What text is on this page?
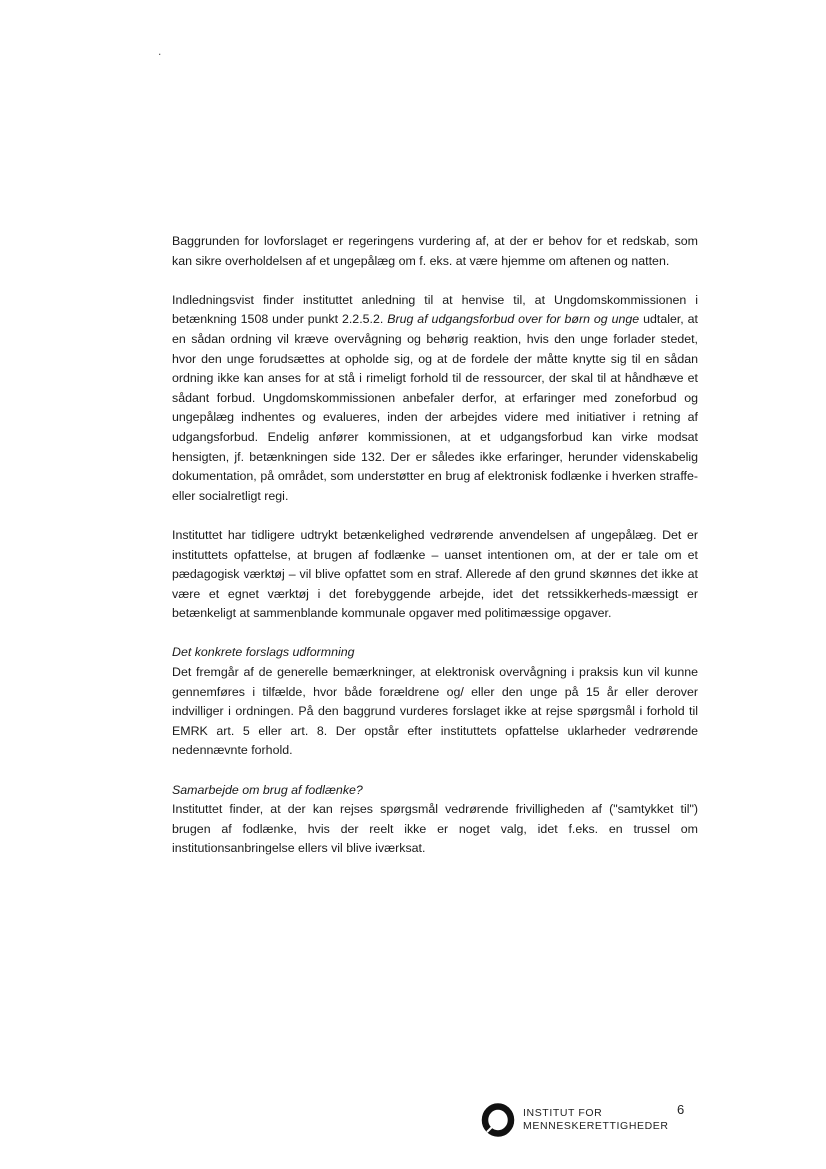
.

Baggrunden for lovforslaget er regeringens vurdering af, at der er behov for et redskab, som kan sikre overholdelsen af et ungepålæg om f. eks. at være hjemme om aftenen og natten.

Indledningsvist finder instituttet anledning til at henvise til, at Ungdomskommissionen i betænkning 1508 under punkt 2.2.5.2. Brug af udgangsforbud over for børn og unge udtaler, at en sådan ordning vil kræve overvågning og behørig reaktion, hvis den unge forlader stedet, hvor den unge forudsættes at opholde sig, og at de fordele der måtte knytte sig til en sådan ordning ikke kan anses for at stå i rimeligt forhold til de ressourcer, der skal til at håndhæve et sådant forbud. Ungdomskommissionen anbefaler derfor, at erfaringer med zoneforbud og ungepålæg indhentes og evalueres, inden der arbejdes videre med initiativer i retning af udgangsforbud. Endelig anfører kommissionen, at et udgangsforbud kan virke modsat hensigten, jf. betænkningen side 132. Der er således ikke erfaringer, herunder videnskabelig dokumentation, på området, som understøtter en brug af elektronisk fodlænke i hverken straffe- eller socialretligt regi.

Instituttet har tidligere udtrykt betænkelighed vedrørende anvendelsen af ungepålæg. Det er instituttets opfattelse, at brugen af fodlænke – uanset intentionen om, at der er tale om et pædagogisk værktøj – vil blive opfattet som en straf. Allerede af den grund skønnes det ikke at være et egnet værktøj i det forebyggende arbejde, idet det retssikkerheds-mæssigt er betænkeligt at sammenblande kommunale opgaver med politimæssige opgaver.

Det konkrete forslags udformning

Det fremgår af de generelle bemærkninger, at elektronisk overvågning i praksis kun vil kunne gennemføres i tilfælde, hvor både forældrene og/ eller den unge på 15 år eller derover indvilliger i ordningen. På den baggrund vurderes forslaget ikke at rejse spørgsmål i forhold til EMRK art. 5 eller art. 8. Der opstår efter instituttets opfattelse uklarheder vedrørende nedennævnte forhold.

Samarbejde om brug af fodlænke?

Instituttet finder, at der kan rejses spørgsmål vedrørende frivilligheden af ("samtykket til") brugen af fodlænke, hvis der reelt ikke er noget valg, idet f.eks. en trussel om institutionsanbringelse ellers vil blive iværksat.

INSTITUT FOR
MENNESKERETTIGHEDER
6
